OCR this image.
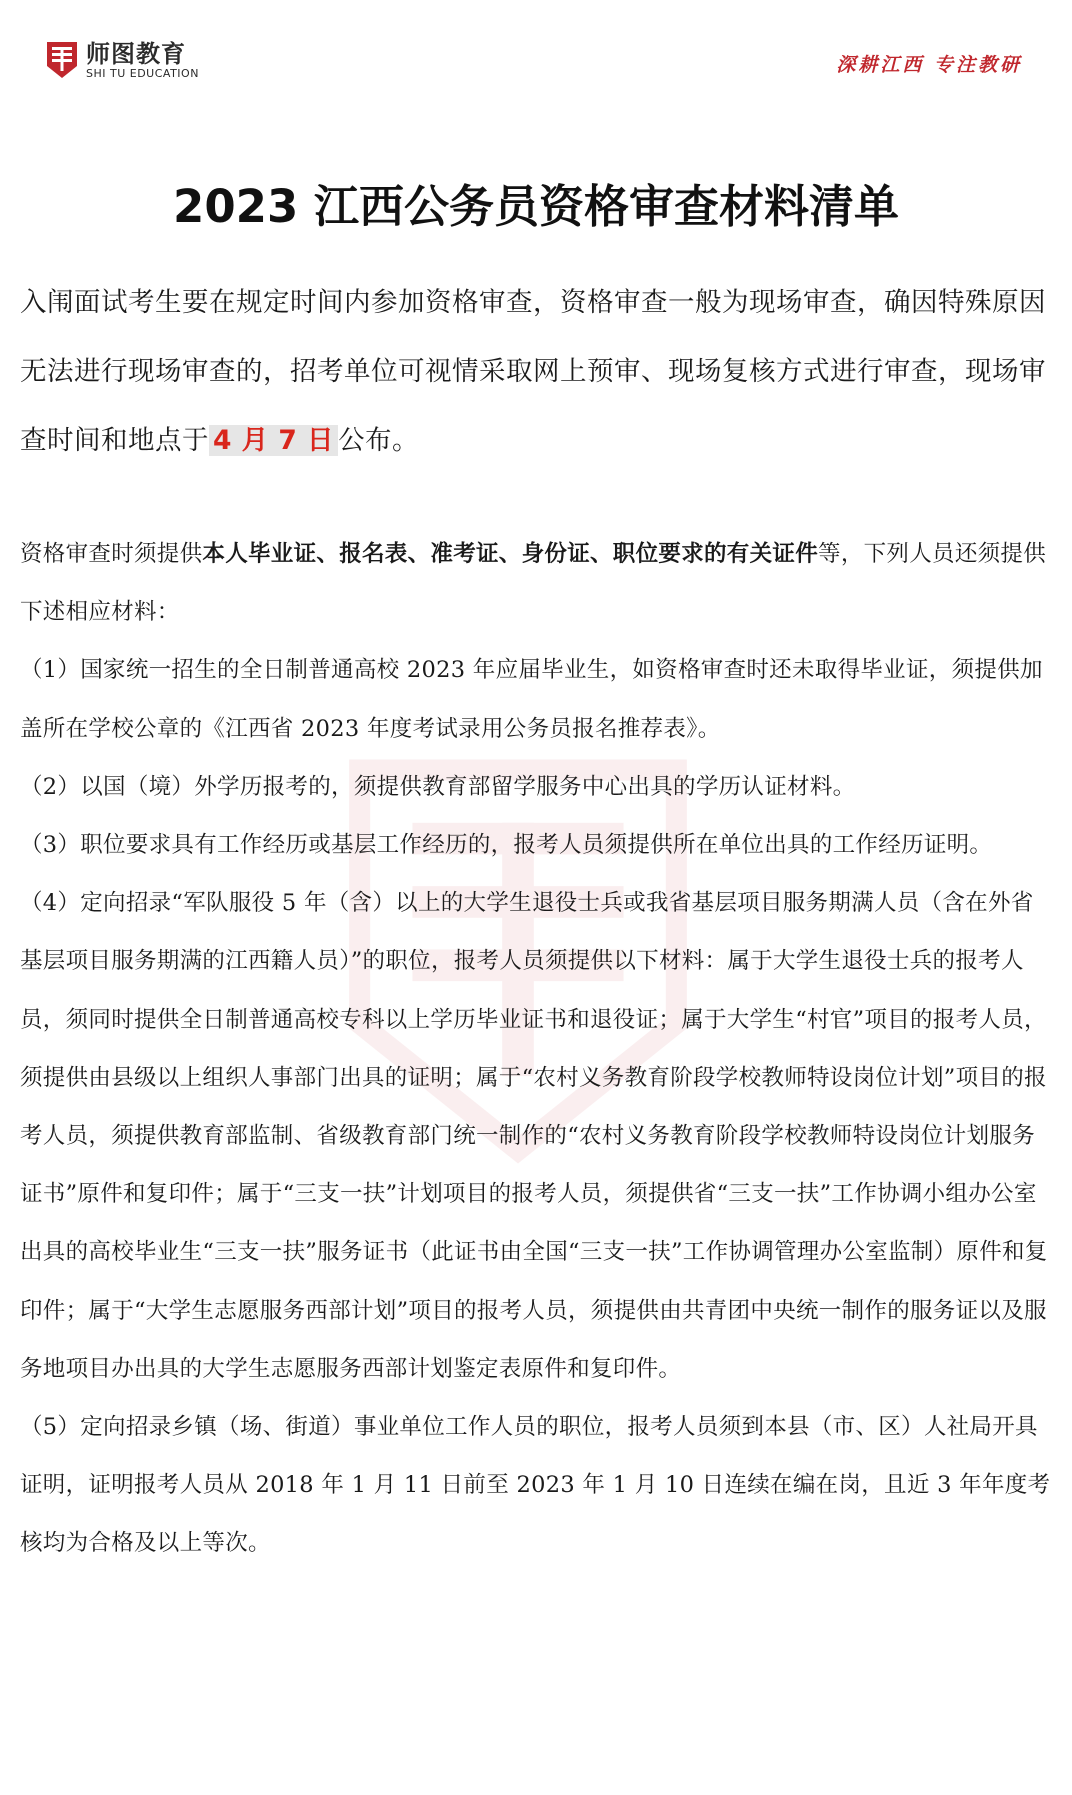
师图教育
SHI TU EDUCATION	深耕江西 专注教研
2023 江西公务员资格审查材料清单

入闱面试考生要在规定时间内参加资格审查，资格审查一般为现场审查，确因特殊原因无法进行现场审查的，招考单位可视情采取网上预审、现场复核方式进行审查，现场审查时间和地点于 4 月 7 日 公布。

资格审查时须提供本人毕业证、报名表、准考证、身份证、职位要求的有关证件等，下列人员还须提供下述相应材料：

（1）国家统一招生的全日制普通高校 2023 年应届毕业生，如资格审查时还未取得毕业证，须提供加盖所在学校公章的《江西省 2023 年度考试录用公务员报名推荐表》。

（2）以国（境）外学历报考的，须提供教育部留学服务中心出具的学历认证材料。

（3）职位要求具有工作经历或基层工作经历的，报考人员须提供所在单位出具的工作经历证明。

（4）定向招录“军队服役 5 年（含）以上的大学生退役士兵或我省基层项目服务期满人员（含在外省基层项目服务期满的江西籍人员）”的职位，报考人员须提供以下材料：属于大学生退役士兵的报考人员，须同时提供全日制普通高校专科以上学历毕业证书和退役证；属于大学生“村官”项目的报考人员，须提供由县级以上组织人事部门出具的证明；属于“农村义务教育阶段学校教师特设岗位计划”项目的报考人员，须提供教育部监制、省级教育部门统一制作的“农村义务教育阶段学校教师特设岗位计划服务证书”原件和复印件；属于“三支一扶”计划项目的报考人员，须提供省“三支一扶”工作协调小组办公室出具的高校毕业生“三支一扶”服务证书（此证书由全国“三支一扶”工作协调管理办公室监制）原件和复印件；属于“大学生志愿服务西部计划”项目的报考人员，须提供由共青团中央统一制作的服务证以及服务地项目办出具的大学生志愿服务西部计划鉴定表原件和复印件。

（5）定向招录乡镇（场、街道）事业单位工作人员的职位，报考人员须到本县（市、区）人社局开具证明，证明报考人员从 2018 年 1 月 11 日前至 2023 年 1 月 10 日连续在编在岗，且近 3 年年度考核均为合格及以上等次。
